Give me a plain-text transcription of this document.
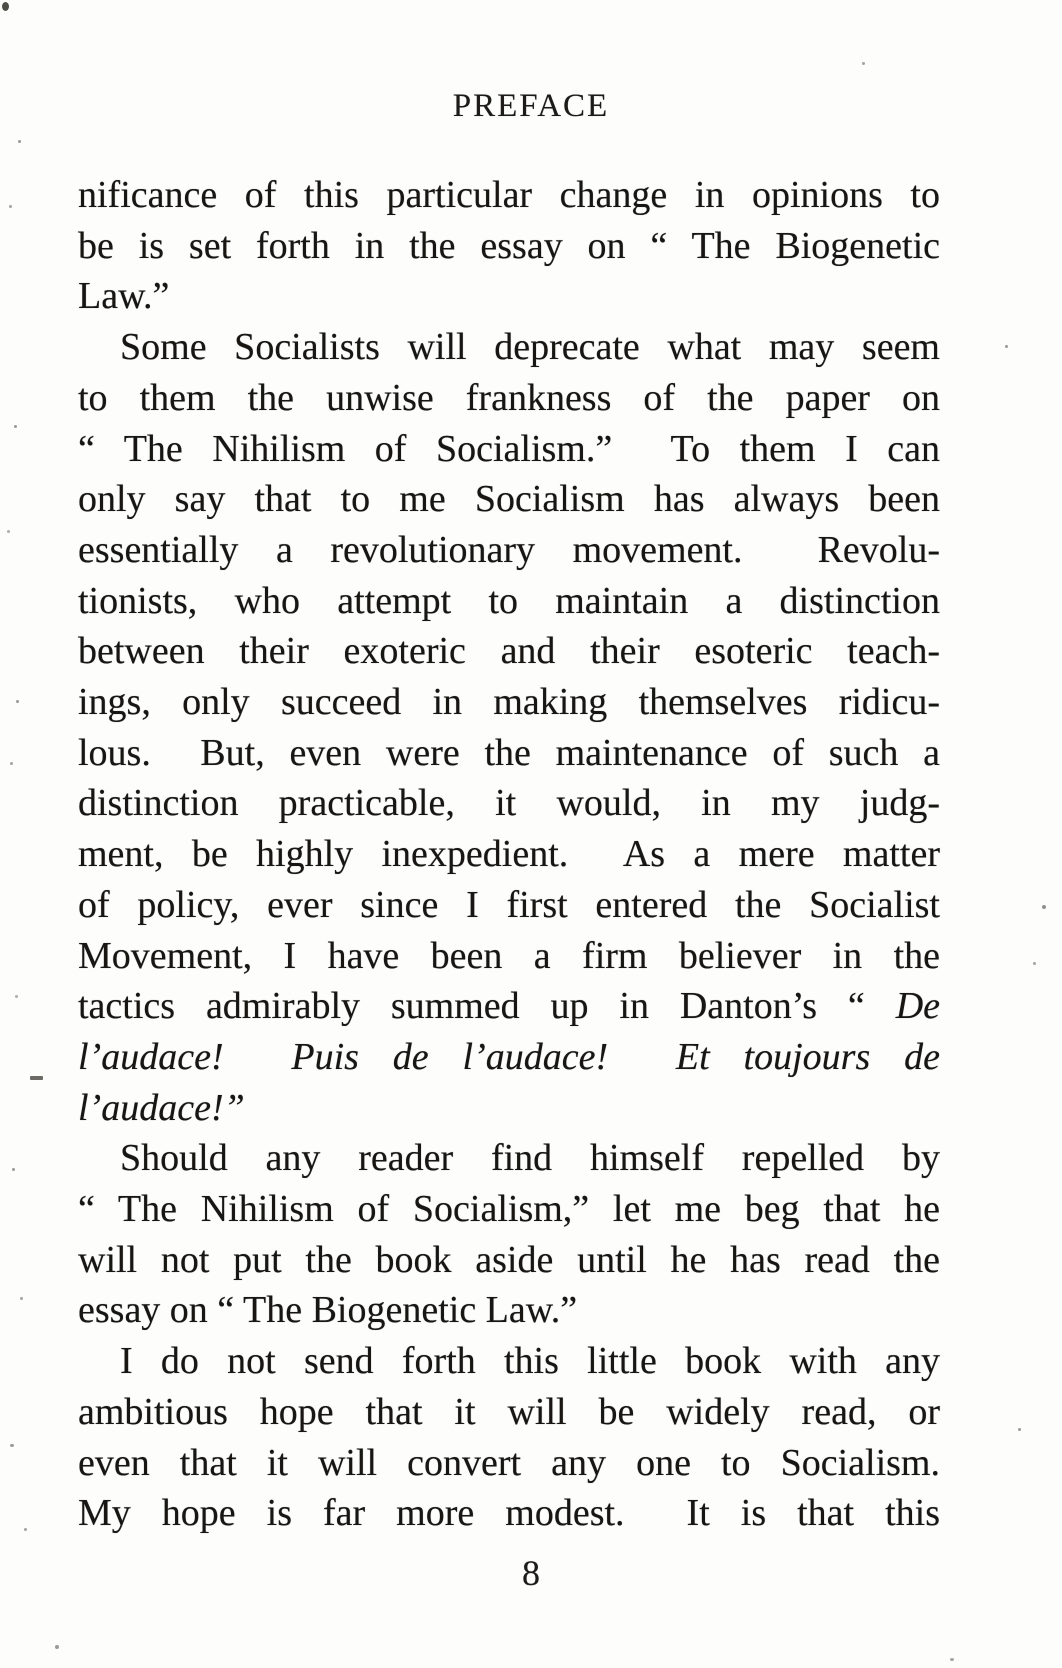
PREFACE
nificance of this particular change in opinions to
be is set forth in the essay on “ The Biogenetic
Law.”
Some Socialists will deprecate what may seem
to them the unwise frankness of the paper on
“ The Nihilism of Socialism.”  To them I can
only say that to me Socialism has always been
essentially a revolutionary movement.  Revolu-
tionists, who attempt to maintain a distinction
between their exoteric and their esoteric teach-
ings, only succeed in making themselves ridicu-
lous.  But, even were the maintenance of such a
distinction practicable, it would, in my judg-
ment, be highly inexpedient.  As a mere matter
of policy, ever since I first entered the Socialist
Movement, I have been a firm believer in the
tactics admirably summed up in Danton’s “ De
l’audace!  Puis de l’audace!  Et toujours de
l’audace!”
Should any reader find himself repelled by
“ The Nihilism of Socialism,” let me beg that he
will not put the book aside until he has read the
essay on “ The Biogenetic Law.”
I do not send forth this little book with any
ambitious hope that it will be widely read, or
even that it will convert any one to Socialism.
My hope is far more modest.  It is that this
8
